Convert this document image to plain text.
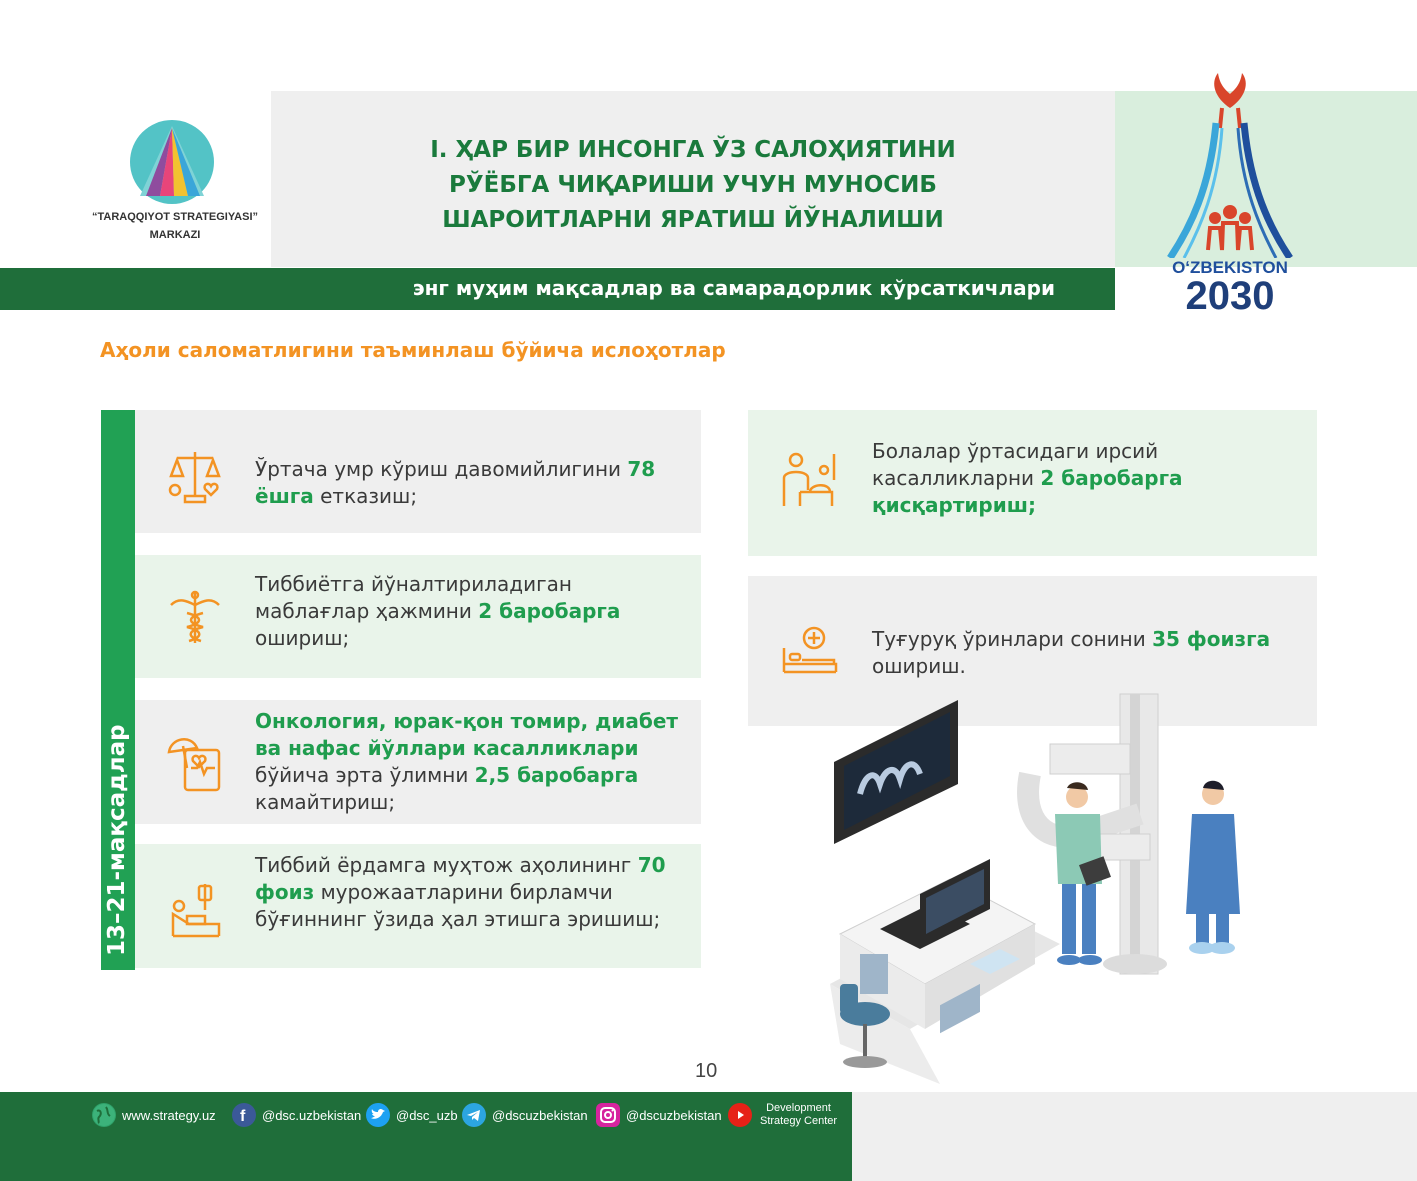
“TARAQQIYOT STRATEGIYASI”
MARKAZI
I. ҲАР БИР ИНСОНГА ЎЗ САЛОҲИЯТИНИ
РЎЁБГА ЧИҚАРИШИ УЧУН МУНОСИБ
ШАРОИТЛАРНИ ЯРАТИШ ЙЎНАЛИШИ
энг муҳим мақсадлар ва самарадорлик кўрсаткичлари
OʻZBEKISTON
2030
Аҳоли саломатлигини таъминлаш бўйича ислоҳотлар
13–21-мақсадлар
Ўртача умр кўриш давомийлигини 78 ёшга етказиш;
Тиббиётга йўналтириладиган маблағлар ҳажмини 2 баробарга ошириш;
Онкология, юрак-қон томир, диабет ва нафас йўллари касалликлари бўйича эрта ўлимни 2,5 баробарга камайтириш;
Тиббий ёрдамга муҳтож аҳолининг 70 фоиз мурожаатларини бирламчи бўғиннинг ўзида ҳал этишга эришиш;
Болалар ўртасидаги ирсий касалликларни 2 баробарга қисқартириш;
Туғуруқ ўринлари сонини 35 фоизга ошириш.
10
www.strategy.uz f @dsc.uzbekistan	@dsc_uzb	@dscuzbekistan	@dscuzbekistan	Development
Strategy Center
